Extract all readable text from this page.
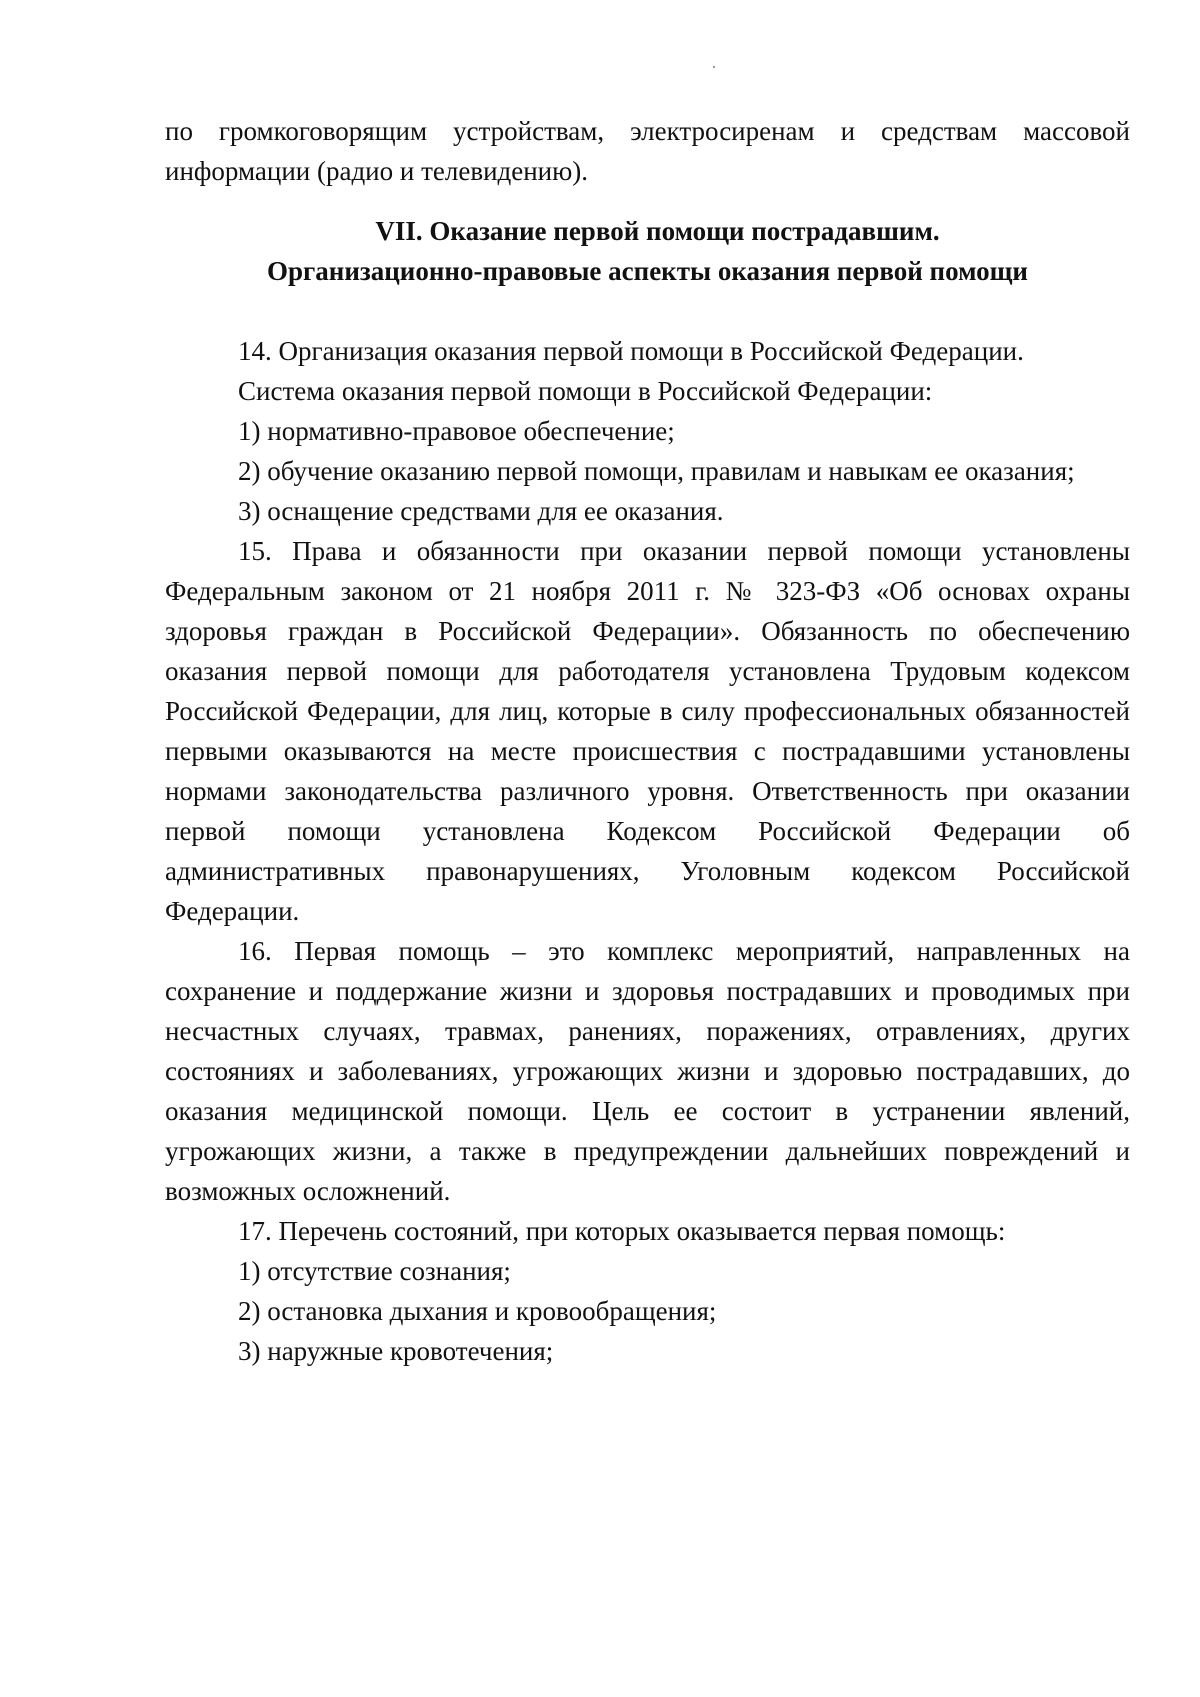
по громкоговорящим устройствам, электросиренам и средствам массовой информации (радио и телевидению).

VII. Оказание первой помощи пострадавшим.
Организационно-правовые аспекты оказания первой помощи

14. Организация оказания первой помощи в Российской Федерации.

Система оказания первой помощи в Российской Федерации:

1) нормативно-правовое обеспечение;

2) обучение оказанию первой помощи, правилам и навыкам ее оказания;

3) оснащение средствами для ее оказания.

15. Права и обязанности при оказании первой помощи установлены Федеральным законом от 21 ноября 2011 г. № 323-ФЗ «Об основах охраны здоровья граждан в Российской Федерации». Обязанность по обеспечению оказания первой помощи для работодателя установлена Трудовым кодексом Российской Федерации, для лиц, которые в силу профессиональных обязанностей первыми оказываются на месте происшествия с пострадавшими установлены нормами законодательства различного уровня. Ответственность при оказании первой помощи установлена Кодексом Российской Федерации об административных правонарушениях, Уголовным кодексом Российской Федерации.

16. Первая помощь – это комплекс мероприятий, направленных на сохранение и поддержание жизни и здоровья пострадавших и проводимых при несчастных случаях, травмах, ранениях, поражениях, отравлениях, других состояниях и заболеваниях, угрожающих жизни и здоровью пострадавших, до оказания медицинской помощи. Цель ее состоит в устранении явлений, угрожающих жизни, а также в предупреждении дальнейших повреждений и возможных осложнений.

17. Перечень состояний, при которых оказывается первая помощь:

1) отсутствие сознания;

2) остановка дыхания и кровообращения;

3) наружные кровотечения;
